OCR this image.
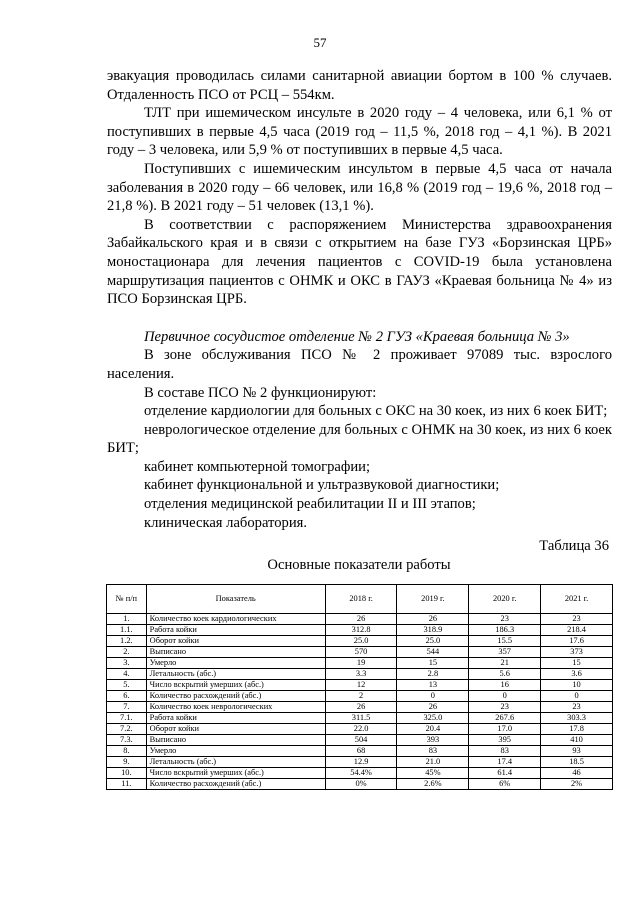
57

эвакуация проводилась силами санитарной авиации бортом в 100 % случаев. Отдаленность ПСО от РСЦ – 554км.

ТЛТ при ишемическом инсульте в 2020 году – 4 человека, или 6,1 % от поступивших в первые 4,5 часа (2019 год – 11,5 %, 2018 год – 4,1 %). В 2021 году – 3 человека, или 5,9 % от поступивших в первые 4,5 часа.

Поступивших с ишемическим инсультом в первые 4,5 часа от начала заболевания в 2020 году – 66 человек, или 16,8 % (2019 год – 19,6 %, 2018 год – 21,8 %). В 2021 году – 51 человек (13,1 %).

В соответствии с распоряжением Министерства здравоохранения Забайкальского края и в связи с открытием на базе ГУЗ «Борзинская ЦРБ» моностационара для лечения пациентов с COVID-19 была установлена маршрутизация пациентов с ОНМК и ОКС в ГАУЗ «Краевая больница № 4» из ПСО Борзинская ЦРБ.

Первичное сосудистое отделение № 2 ГУЗ «Краевая больница № 3»

В зоне обслуживания ПСО № 2 проживает 97089 тыс. взрослого населения.

В составе ПСО № 2 функционируют:

отделение кардиологии для больных с ОКС на 30 коек, из них 6 коек БИТ;

неврологическое отделение для больных с ОНМК на 30 коек, из них 6 коек БИТ;

кабинет компьютерной томографии;

кабинет функциональной и ультразвуковой диагностики;

отделения медицинской реабилитации II и III этапов;

клиническая лаборатория.

Таблица 36
Основные показатели работы
№ п/п	Показатель	2018 г.	2019 г.	2020 г.	2021 г.
1.	Количество коек кардиологических	26	26	23	23
1.1.	Работа койки	312.8	318.9	186.3	218.4
1.2.	Оборот койки	25.0	25.0	15.5	17.6
2.	Выписано	570	544	357	373
3.	Умерло	19	15	21	15
4.	Летальность (абс.)	3.3	2.8	5.6	3.6
5.	Число вскрытий умерших (абс.)	12	13	16	10
6.	Количество расхождений (абс.)	2	0	0	0
7.	Количество коек неврологических	26	26	23	23
7.1.	Работа койки	311.5	325.0	267.6	303.3
7.2.	Оборот койки	22.0	20.4	17.0	17.8
7.3.	Выписано	504	393	395	410
8.	Умерло	68	83	83	93
9.	Летальность (абс.)	12.9	21.0	17.4	18.5
10.	Число вскрытий умерших (абс.)	54.4%	45%	61.4	46
11.	Количество расхождений (абс.)	0%	2.6%	6%	2%
